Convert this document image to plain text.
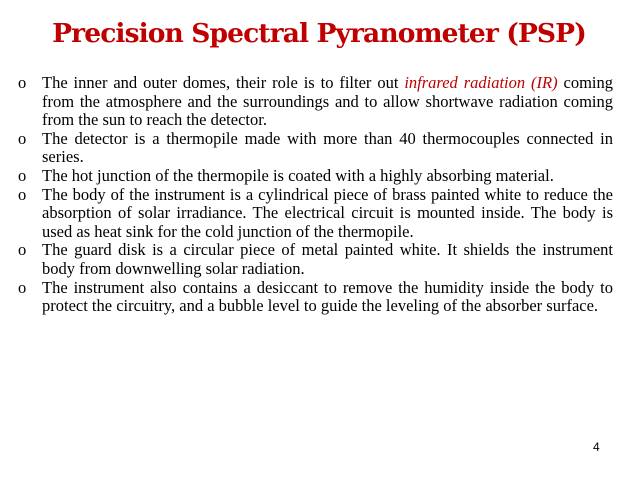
Precision Spectral Pyranometer (PSP)
o The inner and outer domes, their role is to filter out infrared radiation (IR) coming from the atmosphere and the surroundings and to allow shortwave radiation coming from the sun to reach the detector.
o The detector is a thermopile made with more than 40 thermocouples connected in series.
o The hot junction of the thermopile is coated with a highly absorbing material.
o The body of the instrument is a cylindrical piece of brass painted white to reduce the absorption of solar irradiance. The electrical circuit is mounted inside. The body is used as heat sink for the cold junction of the thermopile.
o The guard disk is a circular piece of metal painted white. It shields the instrument body from downwelling solar radiation.
o The instrument also contains a desiccant to remove the humidity inside the body to protect the circuitry, and a bubble level to guide the leveling of the absorber surface.
4
